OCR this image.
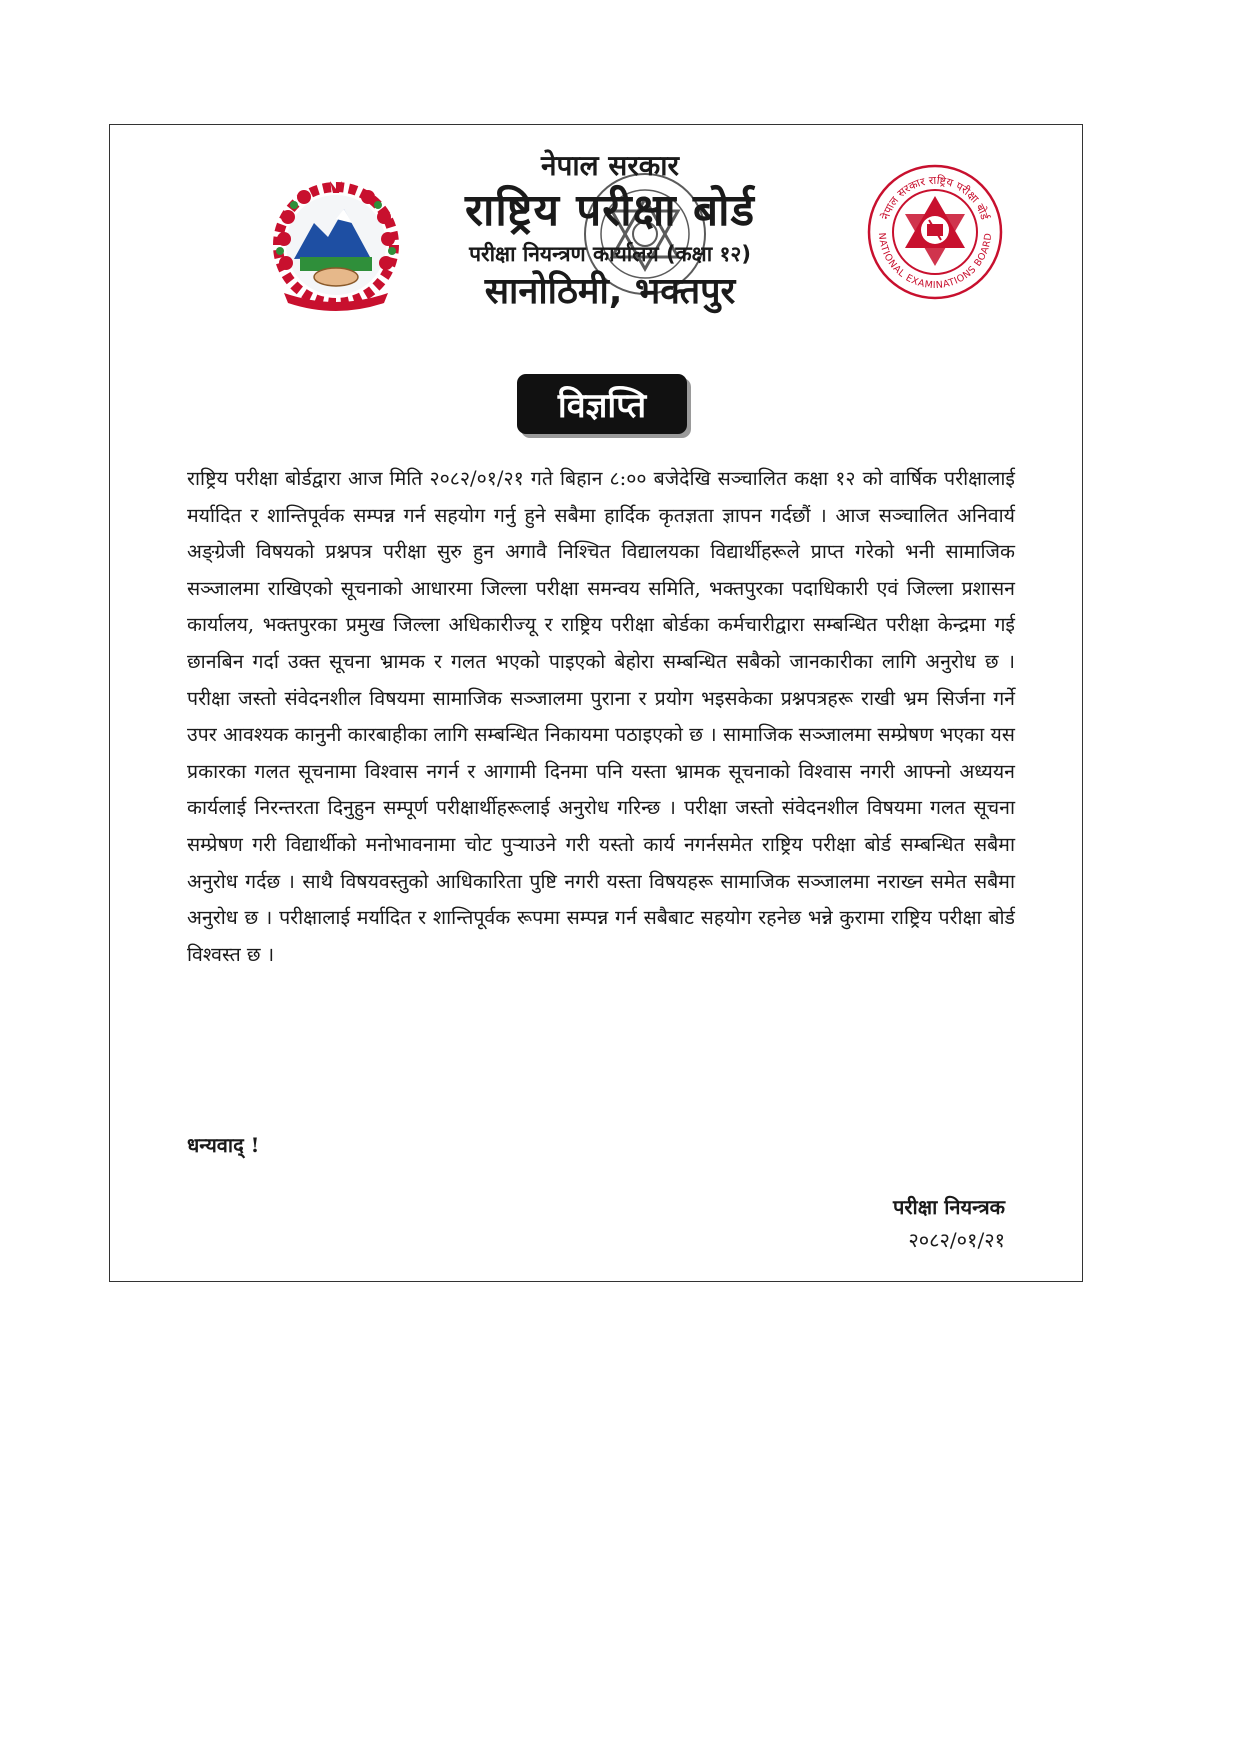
नेपाल सरकार
राष्ट्रिय परीक्षा बोर्ड
परीक्षा नियन्त्रण कार्यालय (कक्षा १२)
सानोठिमी, भक्तपुर
नेपाल सरकार राष्ट्रिय परीक्षा बोर्ड
NATIONAL EXAMINATIONS BOARD
विज्ञप्ति
राष्ट्रिय परीक्षा बोर्डद्वारा आज मिति २०८२/०१/२१ गते बिहान ८:०० बजेदेखि सञ्चालित कक्षा १२ को वार्षिक परीक्षालाई मर्यादित र शान्तिपूर्वक सम्पन्न गर्न सहयोग गर्नु हुने सबैमा हार्दिक कृतज्ञता ज्ञापन गर्दछौं । आज सञ्चालित अनिवार्य अङ्ग्रेजी विषयको प्रश्नपत्र परीक्षा सुरु हुन अगावै निश्चित विद्यालयका विद्यार्थीहरूले प्राप्त गरेको भनी सामाजिक सञ्जालमा राखिएको सूचनाको आधारमा जिल्ला परीक्षा समन्वय समिति, भक्तपुरका पदाधिकारी एवं जिल्ला प्रशासन कार्यालय, भक्तपुरका प्रमुख जिल्ला अधिकारीज्यू र राष्ट्रिय परीक्षा बोर्डका कर्मचारीद्वारा सम्बन्धित परीक्षा केन्द्रमा गई छानबिन गर्दा उक्त सूचना भ्रामक र गलत भएको पाइएको बेहोरा सम्बन्धित सबैको जानकारीका लागि अनुरोध छ । परीक्षा जस्तो संवेदनशील विषयमा सामाजिक सञ्जालमा पुराना र प्रयोग भइसकेका प्रश्नपत्रहरू राखी भ्रम सिर्जना गर्ने उपर आवश्यक कानुनी कारबाहीका लागि सम्बन्धित निकायमा पठाइएको छ । सामाजिक सञ्जालमा सम्प्रेषण भएका यस प्रकारका गलत सूचनामा विश्वास नगर्न र आगामी दिनमा पनि यस्ता भ्रामक सूचनाको विश्वास नगरी आफ्नो अध्ययन कार्यलाई निरन्तरता दिनुहुन सम्पूर्ण परीक्षार्थीहरूलाई अनुरोध गरिन्छ । परीक्षा जस्तो संवेदनशील विषयमा गलत सूचना सम्प्रेषण गरी विद्यार्थीको मनोभावनामा चोट पुऱ्याउने गरी यस्तो कार्य नगर्नसमेत राष्ट्रिय परीक्षा बोर्ड सम्बन्धित सबैमा अनुरोध गर्दछ । साथै विषयवस्तुको आधिकारिता पुष्टि नगरी यस्ता विषयहरू सामाजिक सञ्जालमा नराख्न समेत सबैमा अनुरोध छ । परीक्षालाई मर्यादित र शान्तिपूर्वक रूपमा सम्पन्न गर्न सबैबाट सहयोग रहनेछ भन्ने कुरामा राष्ट्रिय परीक्षा बोर्ड विश्वस्त छ ।
धन्यवाद् !
परीक्षा नियन्त्रक
२०८२/०१/२१
